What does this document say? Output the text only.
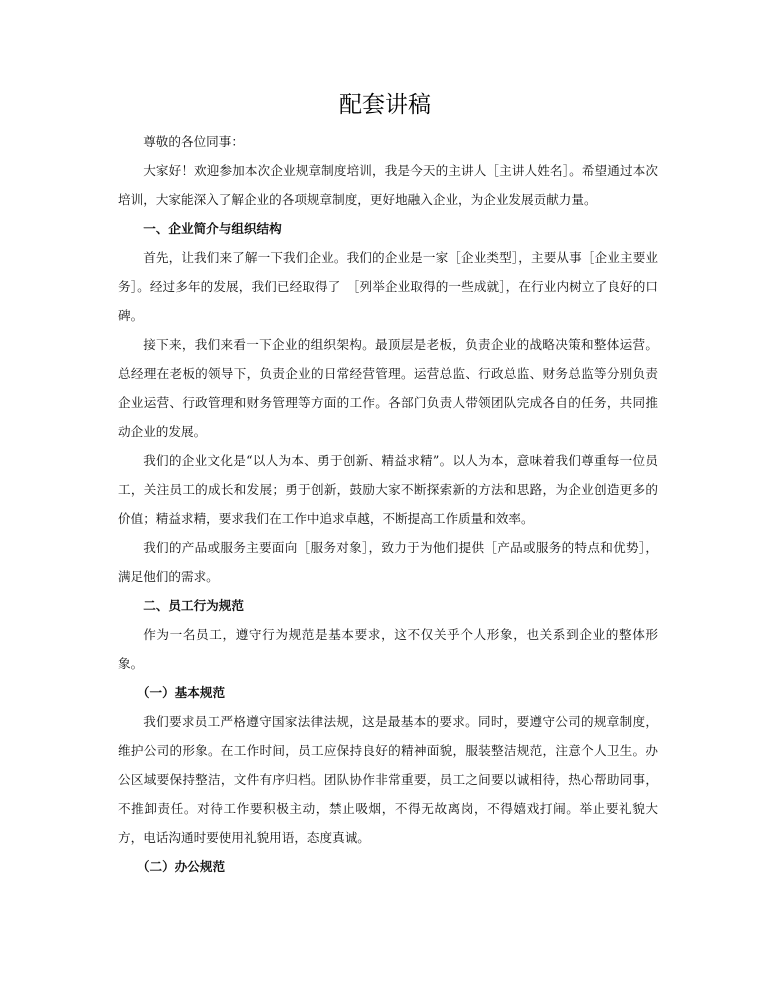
配套讲稿

尊敬的各位同事：

大家好！欢迎参加本次企业规章制度培训，我是今天的主讲人［主讲人姓名］。希望通过本次培训，大家能深入了解企业的各项规章制度，更好地融入企业，为企业发展贡献力量。

一、企业简介与组织结构

首先，让我们来了解一下我们企业。我们的企业是一家［企业类型］，主要从事［企业主要业务］。经过多年的发展，我们已经取得了　［列举企业取得的一些成就］，在行业内树立了良好的口碑。

接下来，我们来看一下企业的组织架构。最顶层是老板，负责企业的战略决策和整体运营。总经理在老板的领导下，负责企业的日常经营管理。运营总监、行政总监、财务总监等分别负责企业运营、行政管理和财务管理等方面的工作。各部门负责人带领团队完成各自的任务，共同推动企业的发展。

我们的企业文化是“以人为本、勇于创新、精益求精”。以人为本，意味着我们尊重每一位员工，关注员工的成长和发展；勇于创新，鼓励大家不断探索新的方法和思路，为企业创造更多的价值；精益求精，要求我们在工作中追求卓越，不断提高工作质量和效率。

我们的产品或服务主要面向［服务对象］，致力于为他们提供［产品或服务的特点和优势］，满足他们的需求。

二、员工行为规范

作为一名员工，遵守行为规范是基本要求，这不仅关乎个人形象，也关系到企业的整体形象。

（一）基本规范

我们要求员工严格遵守国家法律法规，这是最基本的要求。同时，要遵守公司的规章制度，维护公司的形象。在工作时间，员工应保持良好的精神面貌，服装整洁规范，注意个人卫生。办公区域要保持整洁，文件有序归档。团队协作非常重要，员工之间要以诚相待，热心帮助同事，不推卸责任。对待工作要积极主动，禁止吸烟，不得无故离岗，不得嬉戏打闹。举止要礼貌大方，电话沟通时要使用礼貌用语，态度真诚。

（二）办公规范
